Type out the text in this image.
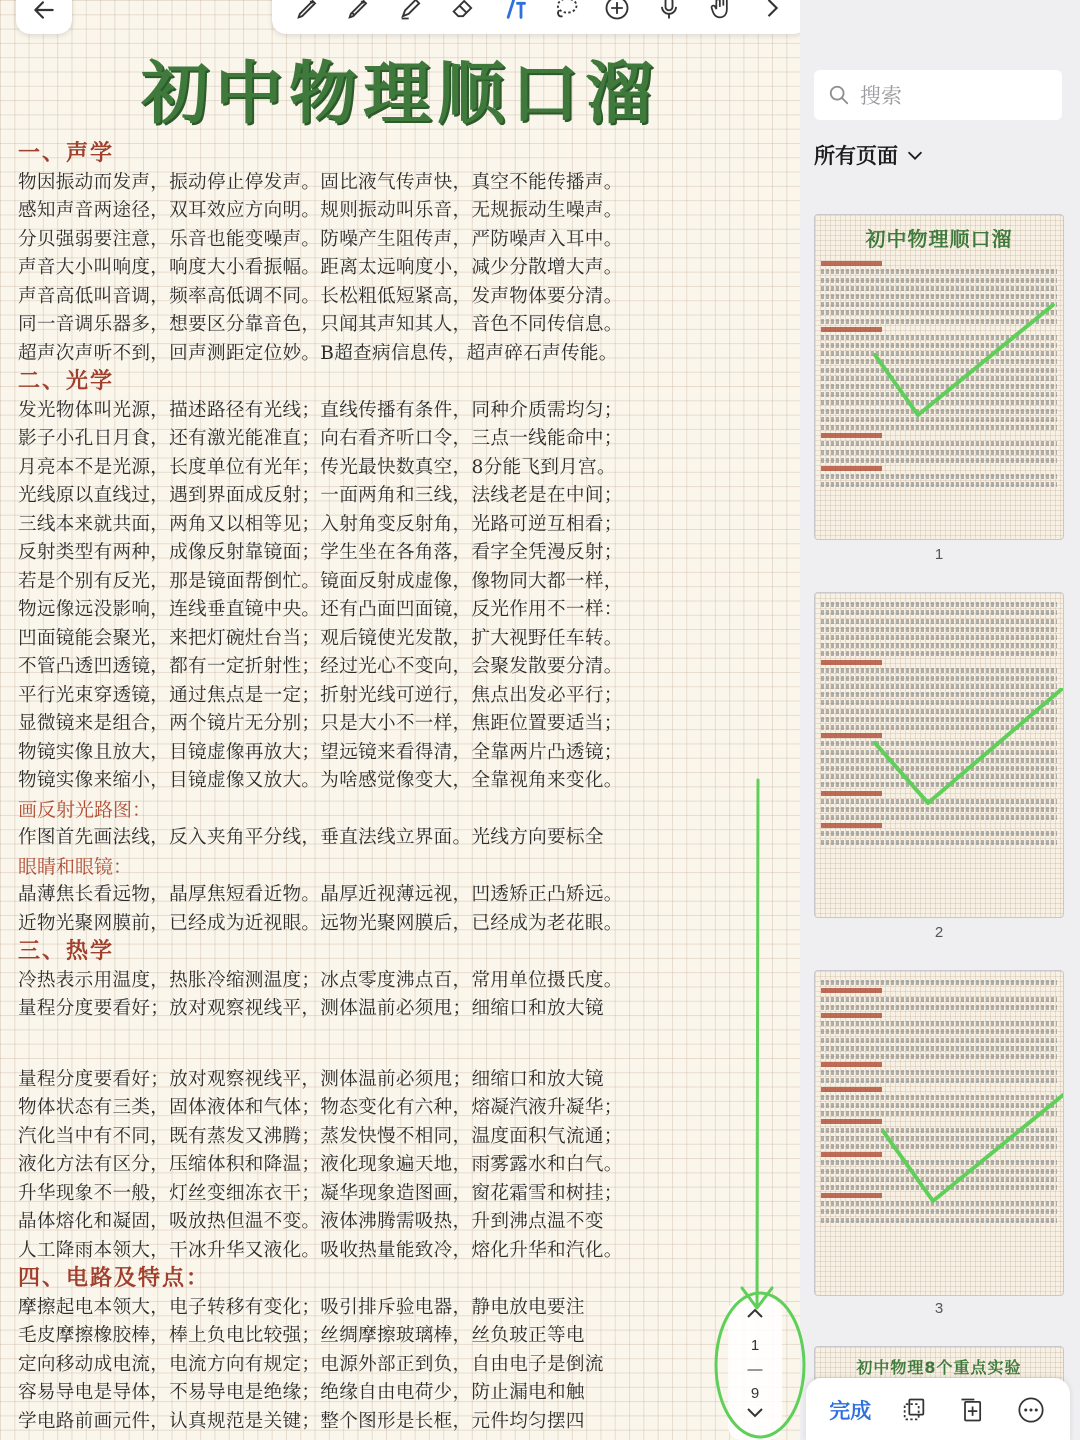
初中物理顺口溜
一、声学
物因振动而发声，振动停止停发声。固比液气传声快，真空不能传播声。
感知声音两途径，双耳效应方向明。规则振动叫乐音，无规振动生噪声。
分贝强弱要注意，乐音也能变噪声。防噪产生阻传声，严防噪声入耳中。
声音大小叫响度，响度大小看振幅。距离太远响度小，减少分散增大声。
声音高低叫音调，频率高低调不同。长松粗低短紧高，发声物体要分清。
同一音调乐器多，想要区分靠音色，只闻其声知其人，音色不同传信息。
超声次声听不到，回声测距定位妙。B超查病信息传，超声碎石声传能。
二、光学
发光物体叫光源，描述路径有光线；直线传播有条件，同种介质需均匀；
影子小孔日月食，还有激光能准直；向右看齐听口令，三点一线能命中；
月亮本不是光源，长度单位有光年；传光最快数真空，8分能飞到月宫。
光线原以直线过，遇到界面成反射；一面两角和三线，法线老是在中间；
三线本来就共面，两角又以相等见；入射角变反射角，光路可逆互相看；
反射类型有两种，成像反射靠镜面；学生坐在各角落，看字全凭漫反射；
若是个别有反光，那是镜面帮倒忙。镜面反射成虚像，像物同大都一样，
物远像远没影响，连线垂直镜中央。还有凸面凹面镜，反光作用不一样：
凹面镜能会聚光，来把灯碗灶台当；观后镜使光发散，扩大视野任车转。
不管凸透凹透镜，都有一定折射性；经过光心不变向，会聚发散要分清。
平行光束穿透镜，通过焦点是一定；折射光线可逆行，焦点出发必平行；
显微镜来是组合，两个镜片无分别；只是大小不一样，焦距位置要适当；
物镜实像且放大，目镜虚像再放大；望远镜来看得清，全靠两片凸透镜；
物镜实像来缩小，目镜虚像又放大。为啥感觉像变大，全靠视角来变化。
画反射光路图：
作图首先画法线，反入夹角平分线，垂直法线立界面。光线方向要标全
眼睛和眼镜：
晶薄焦长看远物，晶厚焦短看近物。晶厚近视薄远视，凹透矫正凸矫远。
近物光聚网膜前，已经成为近视眼。远物光聚网膜后，已经成为老花眼。
三、热学
冷热表示用温度，热胀冷缩测温度；冰点零度沸点百，常用单位摄氏度。
量程分度要看好；放对观察视线平，测体温前必须甩；细缩口和放大镜
量程分度要看好；放对观察视线平，测体温前必须甩；细缩口和放大镜
物体状态有三类，固体液体和气体；物态变化有六种，熔凝汽液升凝华；
汽化当中有不同，既有蒸发又沸腾；蒸发快慢不相同，温度面积气流通；
液化方法有区分，压缩体积和降温；液化现象遍天地，雨雾露水和白气。
升华现象不一般，灯丝变细冻衣干；凝华现象造图画，窗花霜雪和树挂；
晶体熔化和凝固，吸放热但温不变。液体沸腾需吸热，升到沸点温不变
人工降雨本领大，干冰升华又液化。吸收热量能致冷，熔化升华和汽化。
四、电路及特点：
摩擦起电本领大，电子转移有变化；吸引排斥验电器，静电放电要注
毛皮摩擦橡胶棒，棒上负电比较强；丝绸摩擦玻璃棒，丝负玻正等电
定向移动成电流，电流方向有规定；电源外部正到负，自由电子是倒流
容易导电是导体，不易导电是绝缘；绝缘自由电荷少，防止漏电和触
学电路前画元件，认真规范是关键；整个图形是长框，元件均匀摆四
搜索
所有页面
初中物理顺口溜
1
2
3
初中物理8个重点实验
完成
1
—
9
